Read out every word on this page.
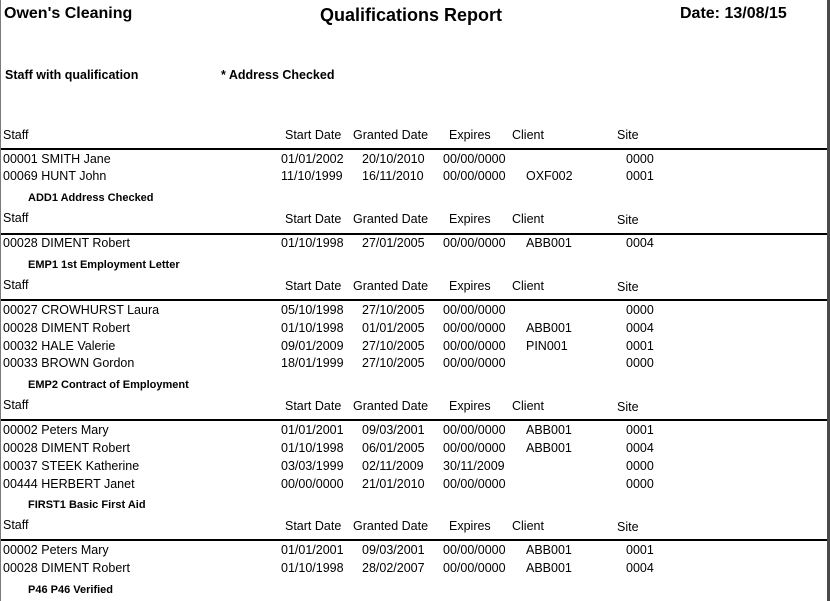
Owen's Cleaning	Qualifications Report	Date: 13/08/15
Staff with qualification	* Address Checked
Staff	Start Date Granted Date Expires Client	Site
00001 SMITH Jane	01/01/2002 20/10/2010 00/00/0000	0000
00069 HUNT John	11/10/1999 16/11/2010 00/00/0000 OXF002	0001
ADD1 Address Checked
Staff	Start Date Granted Date Expires Client	Site
00028 DIMENT Robert	01/10/1998 27/01/2005 00/00/0000 ABB001	0004
EMP1 1st Employment Letter
Staff	Start Date Granted Date Expires Client	Site
00027 CROWHURST Laura	05/10/1998 27/10/2005 00/00/0000	0000
00028 DIMENT Robert	01/10/1998 01/01/2005 00/00/0000 ABB001	0004
00032 HALE Valerie	09/01/2009 27/10/2005 00/00/0000 PIN001	0001
00033 BROWN Gordon	18/01/1999 27/10/2005 00/00/0000	0000
EMP2 Contract of Employment
Staff	Start Date Granted Date Expires Client	Site
00002 Peters Mary	01/01/2001 09/03/2001 00/00/0000 ABB001	0001
00028 DIMENT Robert	01/10/1998 06/01/2005 00/00/0000 ABB001	0004
00037 STEEK Katherine	03/03/1999 02/11/2009 30/11/2009	0000
00444 HERBERT Janet	00/00/0000 21/01/2010 00/00/0000	0000
FIRST1 Basic First Aid
Staff	Start Date Granted Date Expires Client	Site
00002 Peters Mary	01/01/2001 09/03/2001 00/00/0000 ABB001	0001
00028 DIMENT Robert	01/10/1998 28/02/2007 00/00/0000 ABB001	0004
P46 P46 Verified
